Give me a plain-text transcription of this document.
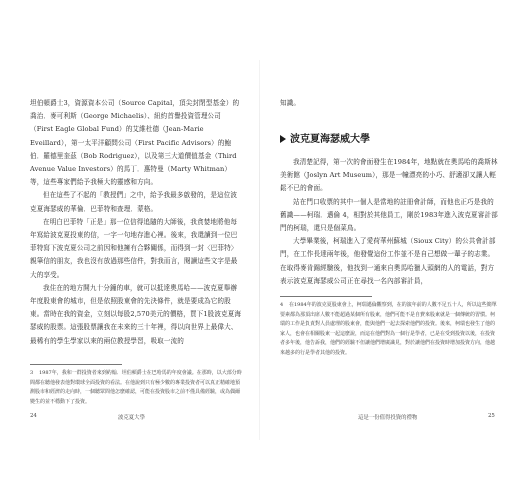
坦伯頓爵士3，資源資本公司（Source Capital，頂尖封閉型基金）的喬治．麥可利斯（George Michaelis）、紐約首譽投資管理公司（First Eagle Global Fund）的艾維杜德（Jean-Marie Eveillard），第一太平洋顧問公司（First Pacific Advisors）的鮑伯．羅德里奎茲（Bob Rodriguez），以及第三大道價值基金（Third Avenue Value Investors）的馬丁．惠特曼（Marty Whitman）等，這些專家們給予我極大的靈感和方向。

但在這些了不起的「教授們」之中，給予我最多啟發的，是這位波克夏海瑟威的華倫．巴菲特和查理．蒙格。

在明白巴菲特「正是」那一位信得追隨的大師後，我貪婪地將他每年寫給波克夏投東的信，一字一句地存進心裡。後來，我還讀到一位巴菲特寫下波克夏公司之前因和他擁有合夥關係，而得到一封〈巴菲特〉親筆信的朋友，我也沒有放過那些信件，對我而言，閱讀這些文字是最大的享受。

我住在的地方開九十分鐘的車，就可以抵達奧馬哈——波克夏舉辦年度股東會的城市，但是依照股東會的先決條件，就是要成為它的股東。當時在我的資金，立刻以每股2,570美元的價格，買下1股波克夏海瑟威的股票。這張股票讓我在未來的三十年裡，得以向世界上最偉大、最稀有的學生學家以來的兩位教授學習，吸取一流的

3 1987年，我和一群投資者來到約翰．坦伯頓爵士在巴哈馬的年度會議。在那時，以大部分時間都在聽他發表他對環球全面投資的看法。在他說到只有極少數的專業投資者可以真正精確地預測股市和經濟的走向時，一個聽眾問他怎麼確認，可能在投資股市之前不僅具備經驗，或為偶爾變生的並不穩動下了投資。
24	波克夏大學

知識。

波克夏海瑟威大學

我清楚記得，第一次的會面發生在1984年，地點就在奧馬哈的喬斯林美術館（Joslyn Art Museum），那是一幢漂亮的小巧、舒適卻又讓人輕鬆不已的會面。

站在門口收票的其中一個人是當地的註冊會計師，而他也正巧是我的舊識——柯瑞．邁倫 4，相對於其他員工，剛於1983年進入波克夏審計部門的柯瑞，還只是個菜鳥。

大學畢業後，柯瑞進入了愛荷華州蘇城（Sioux City）的公共會計部門，在工作長達兩年後，他發覺這份工作並不是自己想做一輩子的志業。在取得麥肯錫經驗後，他找到一通來自奧馬哈獵人頭網的人的電話，對方表示波克夏海瑟威公司正在尋找一名內部審計員，

4 在1984年的波克夏股東會上，柯瑞邁倫觀察到，在的演年前的人數不足五十人，所以這些簡單要素都為那頂出席人數不能超過某個所有股東，他們可能不是自費來股東就是一個傳統的習慣。柯瑞的工作是負責對人員處理的股東會，能與他們一起去探索他們的投資。後來，柯瑞也發生了他的家人，也會在相關股東一起這麼說，而這在他們對為一個行是學者，已是在受到投資以後，在投資者多年後，他告訴我，他們的經驗不但讓他們增廣識見，對於讓他們在投資時增加投資方向，他越來越多的行是學者其他的投資。
這是一份值得投資的禮物	25
